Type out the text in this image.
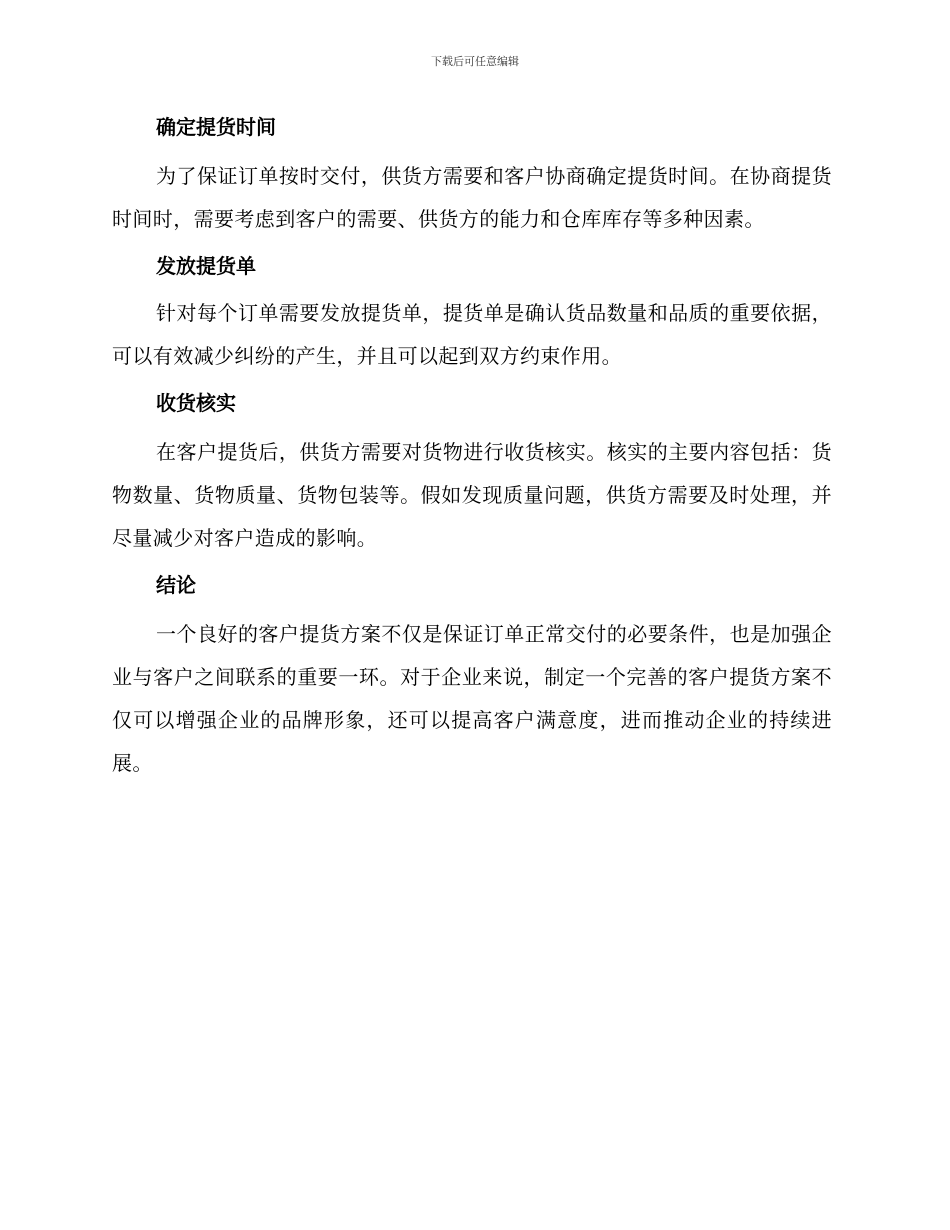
下载后可任意编辑
确定提货时间

为了保证订单按时交付，供货方需要和客户协商确定提货时间。在协商提货时间时，需要考虑到客户的需要、供货方的能力和仓库库存等多种因素。

发放提货单

针对每个订单需要发放提货单，提货单是确认货品数量和品质的重要依据，可以有效减少纠纷的产生，并且可以起到双方约束作用。

收货核实

在客户提货后，供货方需要对货物进行收货核实。核实的主要内容包括：货物数量、货物质量、货物包装等。假如发现质量问题，供货方需要及时处理，并尽量减少对客户造成的影响。

结论

一个良好的客户提货方案不仅是保证订单正常交付的必要条件，也是加强企业与客户之间联系的重要一环。对于企业来说，制定一个完善的客户提货方案不仅可以增强企业的品牌形象，还可以提高客户满意度，进而推动企业的持续进展。
